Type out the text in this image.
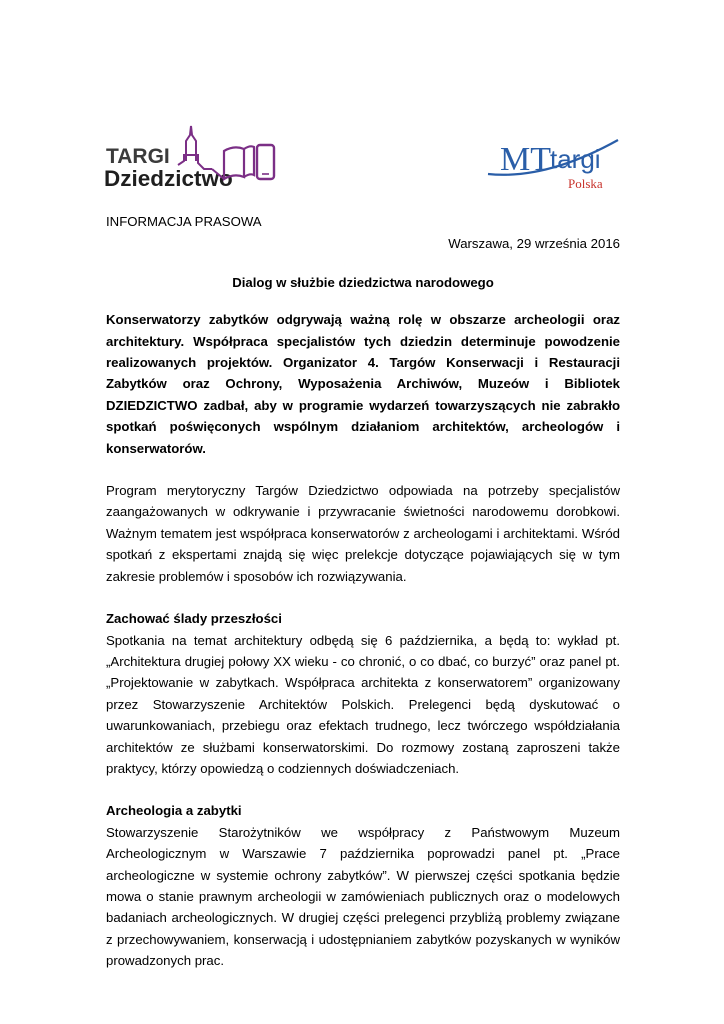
TARGI
Dziedzictwo
MT targi
Polska
INFORMACJA PRASOWA
Warszawa, 29 września 2016
Dialog w służbie dziedzictwa narodowego
Konserwatorzy zabytków odgrywają ważną rolę w obszarze archeologii oraz architektury. Współpraca specjalistów tych dziedzin determinuje powodzenie realizowanych projektów. Organizator 4. Targów Konserwacji i Restauracji Zabytków oraz Ochrony, Wyposażenia Archiwów, Muzeów i Bibliotek DZIEDZICTWO zadbał, aby w programie wydarzeń towarzyszących nie zabrakło spotkań poświęconych wspólnym działaniom architektów, archeologów i konserwatorów.
Program merytoryczny Targów Dziedzictwo odpowiada na potrzeby specjalistów zaangażowanych w odkrywanie i przywracanie świetności narodowemu dorobkowi. Ważnym tematem jest współpraca konserwatorów z archeologami i architektami. Wśród spotkań z ekspertami znajdą się więc prelekcje dotyczące pojawiających się w tym zakresie problemów i sposobów ich rozwiązywania.
Zachować ślady przeszłości
Spotkania na temat architektury odbędą się 6 października, a będą to: wykład pt. „Architektura drugiej połowy XX wieku - co chronić, o co dbać, co burzyć” oraz panel pt. „Projektowanie w zabytkach. Współpraca architekta z konserwatorem” organizowany przez Stowarzyszenie Architektów Polskich. Prelegenci będą dyskutować o uwarunkowaniach, przebiegu oraz efektach trudnego, lecz twórczego współdziałania architektów ze służbami konserwatorskimi. Do rozmowy zostaną zaproszeni także praktycy, którzy opowiedzą o codziennych doświadczeniach.
Archeologia a zabytki
Stowarzyszenie Starożytników we współpracy z Państwowym Muzeum Archeologicznym w Warszawie 7 października poprowadzi panel pt. „Prace archeologiczne w systemie ochrony zabytków”. W pierwszej części spotkania będzie mowa o stanie prawnym archeologii w zamówieniach publicznych oraz o modelowych badaniach archeologicznych. W drugiej części prelegenci przybliżą problemy związane z przechowywaniem, konserwacją i udostępnianiem zabytków pozyskanych w wyników prowadzonych prac.
